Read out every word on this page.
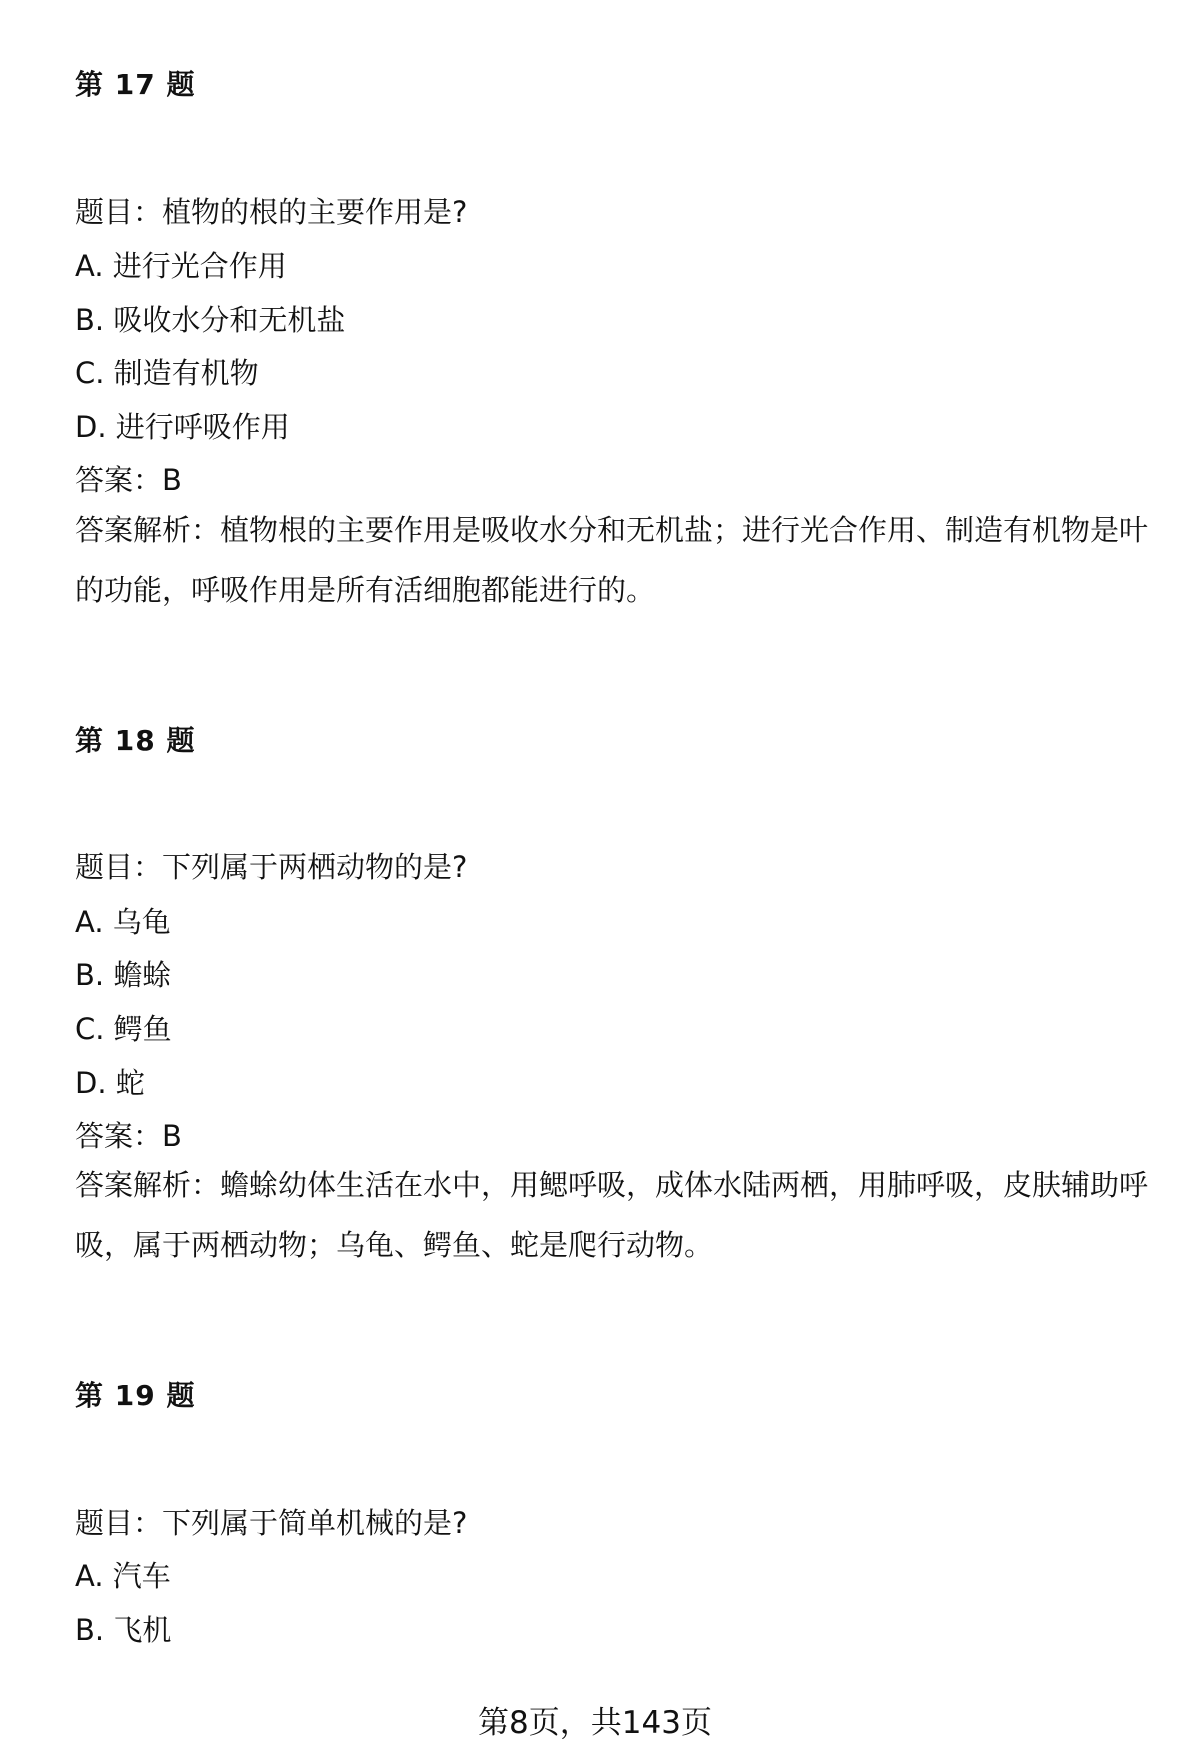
第 17 题
题目：植物的根的主要作用是?
A. 进行光合作用
B. 吸收水分和无机盐
C. 制造有机物
D. 进行呼吸作用
答案：B
答案解析：植物根的主要作用是吸收水分和无机盐；进行光合作用、制造有机物是叶的功能，呼吸作用是所有活细胞都能进行的。
第 18 题
题目：下列属于两栖动物的是?
A. 乌龟
B. 蟾蜍
C. 鳄鱼
D. 蛇
答案：B
答案解析：蟾蜍幼体生活在水中，用鳃呼吸，成体水陆两栖，用肺呼吸，皮肤辅助呼吸，属于两栖动物；乌龟、鳄鱼、蛇是爬行动物。
第 19 题
题目：下列属于简单机械的是?
A. 汽车
B. 飞机
第8页，共143页
